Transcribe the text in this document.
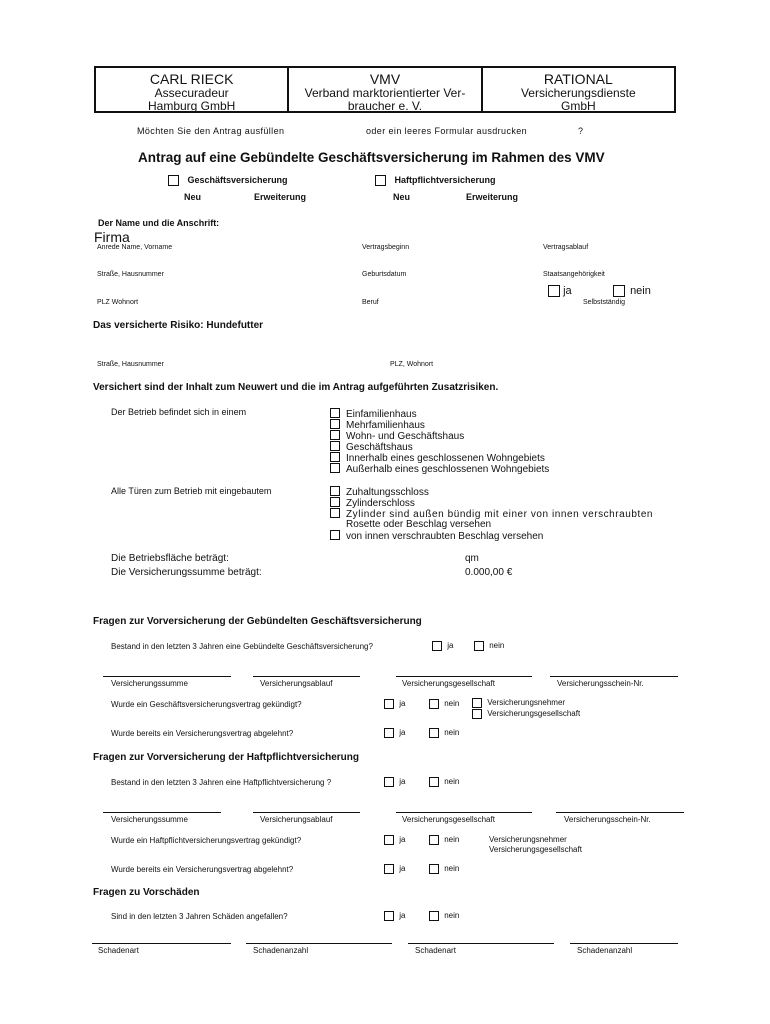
CARL RIECK
Assecuradeur
Hamburg GmbH
VMV
Verband marktorientierter Ver-
braucher e. V.
RATIONAL
Versicherungsdienste
GmbH
Möchten Sie den Antrag ausfüllen	oder ein leeres Formular ausdrucken	?
Antrag auf eine Gebündelte Geschäftsversicherung im Rahmen des VMV
Geschäftsversicherung	Haftpflichtversicherung
Neu	Erweiterung	Neu	Erweiterung
Der Name und die Anschrift:
Firma
Anrede Name, Vorname	Vertragsbeginn	Vertragsablauf
Straße, Hausnummer	Geburtsdatum	Staatsangehörigkeit
ja	nein
PLZ Wohnort	Beruf	Selbstständig
Das versicherte Risiko: Hundefutter
Straße, Hausnummer	PLZ, Wohnort
Versichert sind der Inhalt zum Neuwert und die im Antrag aufgeführten Zusatzrisiken.
Der Betrieb befindet sich in einem	Einfamilienhaus
Mehrfamilienhaus
Wohn- und Geschäftshaus
Geschäftshaus
Innerhalb eines geschlossenen Wohngebiets
Außerhalb eines geschlossenen Wohngebiets
Alle Türen zum Betrieb mit eingebautem	Zuhaltungsschloss
Zylinderschloss
Zylinder sind außen bündig mit einer von innen verschraubten
Rosette oder Beschlag versehen
von innen verschraubten Beschlag versehen
Die Betriebsfläche beträgt:	qm
Die Versicherungssumme beträgt:	0.000,00 €
Fragen zur Vorversicherung der Gebündelten Geschäftsversicherung
Bestand in den letzten 3 Jahren eine Gebündelte Geschäftsversicherung?	ja	nein
Versicherungssumme	Versicherungsablauf	Versicherungsgesellschaft	Versicherungsschein-Nr.
Wurde ein Geschäftsversicherungsvertrag gekündigt?	ja	nein	Versicherungsnehmer
Versicherungsgesellschaft
Wurde bereits ein Versicherungsvertrag abgelehnt?	ja	nein
Fragen zur Vorversicherung der Haftpflichtversicherung
Bestand in den letzten 3 Jahren eine Haftpflichtversicherung ?	ja	nein
Versicherungssumme	Versicherungsablauf	Versicherungsgesellschaft	Versicherungsschein-Nr.
Wurde ein Haftpflichtversicherungsvertrag gekündigt?	ja	nein	Versicherungsnehmer
Versicherungsgesellschaft
Wurde bereits ein Versicherungsvertrag abgelehnt?	ja	nein
Fragen zu Vorschäden
Sind in den letzten 3 Jahren Schäden angefallen?	ja	nein
Schadenart	Schadenanzahl	Schadenart	Schadenanzahl
